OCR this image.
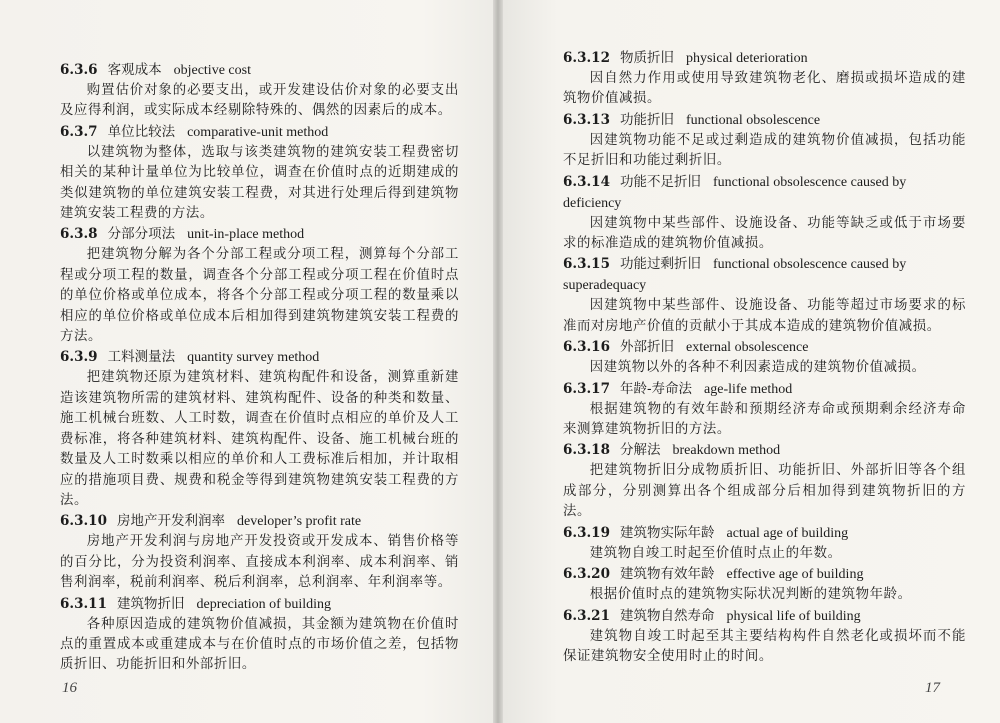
6.3.6 客观成本 objective cost

购置估价对象的必要支出，或开发建设估价对象的必要支出及应得利润，或实际成本经剔除特殊的、偶然的因素后的成本。

6.3.7 单位比较法 comparative-unit method

以建筑物为整体，选取与该类建筑物的建筑安装工程费密切相关的某种计量单位为比较单位，调查在价值时点的近期建成的类似建筑物的单位建筑安装工程费，对其进行处理后得到建筑物建筑安装工程费的方法。

6.3.8 分部分项法 unit-in-place method

把建筑物分解为各个分部工程或分项工程，测算每个分部工程或分项工程的数量，调查各个分部工程或分项工程在价值时点的单位价格或单位成本，将各个分部工程或分项工程的数量乘以相应的单位价格或单位成本后相加得到建筑物建筑安装工程费的方法。

6.3.9 工料测量法 quantity survey method

把建筑物还原为建筑材料、建筑构配件和设备，测算重新建造该建筑物所需的建筑材料、建筑构配件、设备的种类和数量、施工机械台班数、人工时数，调查在价值时点相应的单价及人工费标准，将各种建筑材料、建筑构配件、设备、施工机械台班的数量及人工时数乘以相应的单价和人工费标准后相加，并计取相应的措施项目费、规费和税金等得到建筑物建筑安装工程费的方法。

6.3.10 房地产开发利润率 developer’s profit rate

房地产开发利润与房地产开发投资或开发成本、销售价格等的百分比，分为投资利润率、直接成本利润率、成本利润率、销售利润率，税前利润率、税后利润率，总利润率、年利润率等。

6.3.11 建筑物折旧 depreciation of building

各种原因造成的建筑物价值减损，其金额为建筑物在价值时点的重置成本或重建成本与在价值时点的市场价值之差，包括物质折旧、功能折旧和外部折旧。

16

6.3.12 物质折旧 physical deterioration

因自然力作用或使用导致建筑物老化、磨损或损坏造成的建筑物价值减损。

6.3.13 功能折旧 functional obsolescence

因建筑物功能不足或过剩造成的建筑物价值减损，包括功能不足折旧和功能过剩折旧。

6.3.14 功能不足折旧 functional obsolescence caused by deficiency

因建筑物中某些部件、设施设备、功能等缺乏或低于市场要求的标准造成的建筑物价值减损。

6.3.15 功能过剩折旧 functional obsolescence caused by superadequacy

因建筑物中某些部件、设施设备、功能等超过市场要求的标准而对房地产价值的贡献小于其成本造成的建筑物价值减损。

6.3.16 外部折旧 external obsolescence

因建筑物以外的各种不利因素造成的建筑物价值减损。

6.3.17 年龄-寿命法 age-life method

根据建筑物的有效年龄和预期经济寿命或预期剩余经济寿命来测算建筑物折旧的方法。

6.3.18 分解法 breakdown method

把建筑物折旧分成物质折旧、功能折旧、外部折旧等各个组成部分，分别测算出各个组成部分后相加得到建筑物折旧的方法。

6.3.19 建筑物实际年龄 actual age of building

建筑物自竣工时起至价值时点止的年数。

6.3.20 建筑物有效年龄 effective age of building

根据价值时点的建筑物实际状况判断的建筑物年龄。

6.3.21 建筑物自然寿命 physical life of building

建筑物自竣工时起至其主要结构构件自然老化或损坏而不能保证建筑物安全使用时止的时间。

17
